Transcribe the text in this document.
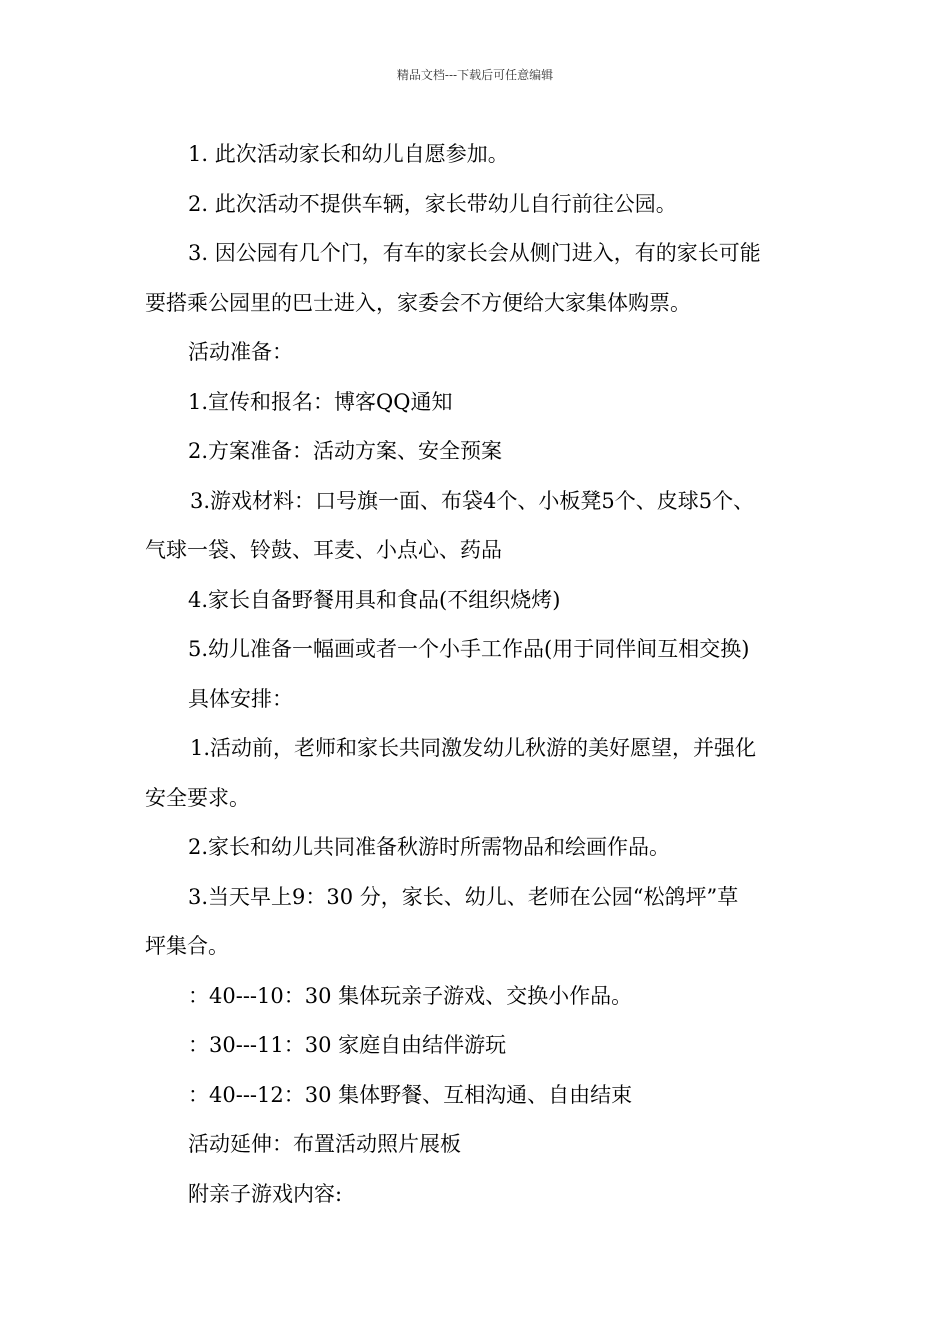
精品文档---下载后可任意编辑

1. 此次活动家长和幼儿自愿参加。

2. 此次活动不提供车辆，家长带幼儿自行前往公园。

3. 因公园有几个门，有车的家长会从侧门进入，有的家长可能

要搭乘公园里的巴士进入，家委会不方便给大家集体购票。

活动准备：

1.宣传和报名：博客QQ通知

2.方案准备：活动方案、安全预案

3.游戏材料：口号旗一面、布袋4个、小板凳5个、皮球5个、

气球一袋、铃鼓、耳麦、小点心、药品

4.家长自备野餐用具和食品(不组织烧烤)

5.幼儿准备一幅画或者一个小手工作品(用于同伴间互相交换)

具体安排：

1.活动前，老师和家长共同激发幼儿秋游的美好愿望，并强化

安全要求。

2.家长和幼儿共同准备秋游时所需物品和绘画作品。

3.当天早上9：30 分，家长、幼儿、老师在公园“松鸽坪”草

坪集合。

：40---10：30 集体玩亲子游戏、交换小作品。

：30---11：30 家庭自由结伴游玩

：40---12：30 集体野餐、互相沟通、自由结束

活动延伸：布置活动照片展板

附亲子游戏内容:
